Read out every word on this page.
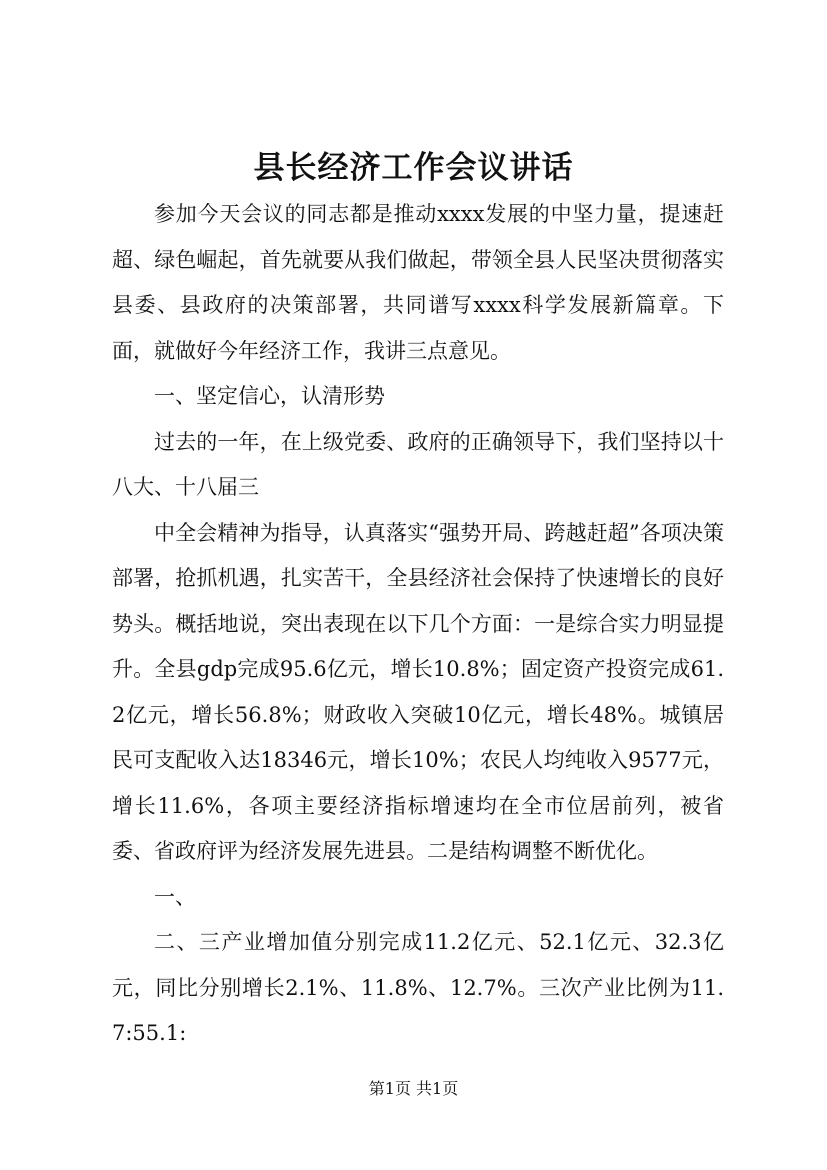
县长经济工作会议讲话

参加今天会议的同志都是推动xxxx发展的中坚力量，提速赶超、绿色崛起，首先就要从我们做起，带领全县人民坚决贯彻落实县委、县政府的决策部署，共同谱写xxxx科学发展新篇章。下面，就做好今年经济工作，我讲三点意见。

一、坚定信心，认清形势

过去的一年，在上级党委、政府的正确领导下，我们坚持以十八大、十八届三

中全会精神为指导，认真落实“强势开局、跨越赶超”各项决策部署，抢抓机遇，扎实苦干，全县经济社会保持了快速增长的良好势头。概括地说，突出表现在以下几个方面：一是综合实力明显提升。全县gdp完成95.6亿元，增长10.8%；固定资产投资完成61.2亿元，增长56.8%；财政收入突破10亿元，增长48%。城镇居民可支配收入达18346元，增长10%；农民人均纯收入9577元，增长11.6%，各项主要经济指标增速均在全市位居前列，被省委、省政府评为经济发展先进县。二是结构调整不断优化。

一、

二、三产业增加值分别完成11.2亿元、52.1亿元、32.3亿元，同比分别增长2.1%、11.8%、12.7%。三次产业比例为11.7:55.1:

第1页 共1页
